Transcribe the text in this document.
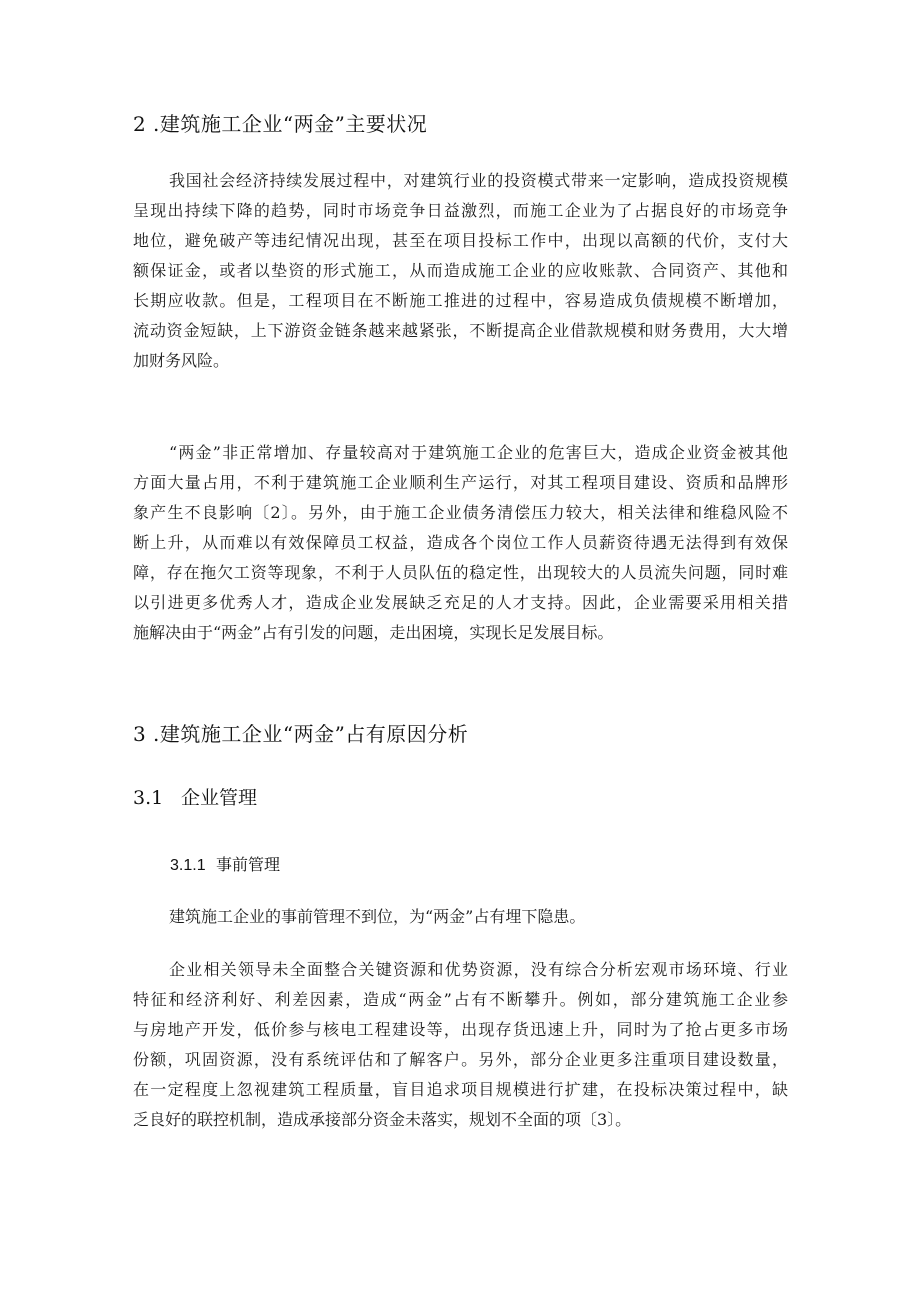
2 .建筑施工企业“两金”主要状况
我国社会经济持续发展过程中，对建筑行业的投资模式带来一定影响，造成投资规模
呈现出持续下降的趋势，同时市场竞争日益激烈，而施工企业为了占据良好的市场竞争
地位，避免破产等违纪情况出现，甚至在项目投标工作中，出现以高额的代价，支付大
额保证金，或者以垫资的形式施工，从而造成施工企业的应收账款、合同资产、其他和
长期应收款。但是，工程项目在不断施工推进的过程中，容易造成负债规模不断增加，
流动资金短缺，上下游资金链条越来越紧张，不断提高企业借款规模和财务费用，大大增
加财务风险。
“两金”非正常增加、存量较高对于建筑施工企业的危害巨大，造成企业资金被其他
方面大量占用，不利于建筑施工企业顺利生产运行，对其工程项目建设、资质和品牌形
象产生不良影响〔2〕。另外，由于施工企业债务清偿压力较大，相关法律和维稳风险不
断上升，从而难以有效保障员工权益，造成各个岗位工作人员薪资待遇无法得到有效保
障，存在拖欠工资等现象，不利于人员队伍的稳定性，出现较大的人员流失问题，同时难
以引进更多优秀人才，造成企业发展缺乏充足的人才支持。因此，企业需要采用相关措
施解决由于“两金”占有引发的问题，走出困境，实现长足发展目标。
3 .建筑施工企业“两金”占有原因分析
3.1 企业管理
3.1.1 事前管理
建筑施工企业的事前管理不到位，为“两金”占有埋下隐患。
企业相关领导未全面整合关键资源和优势资源，没有综合分析宏观市场环境、行业
特征和经济利好、利差因素，造成“两金”占有不断攀升。例如，部分建筑施工企业参
与房地产开发，低价参与核电工程建设等，出现存货迅速上升，同时为了抢占更多市场
份额，巩固资源，没有系统评估和了解客户。另外，部分企业更多注重项目建设数量，
在一定程度上忽视建筑工程质量，盲目追求项目规模进行扩建，在投标决策过程中，缺
乏良好的联控机制，造成承接部分资金未落实，规划不全面的项〔3〕。
